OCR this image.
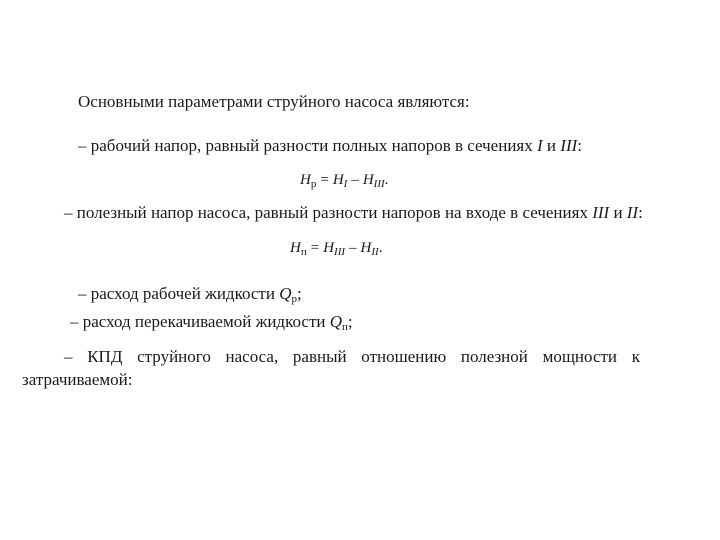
Основными параметрами струйного насоса являются:
– рабочий напор, равный разности полных напоров в сечениях I и III:
$H_р = H_I - H_{III}$.
– полезный напор насоса, равный разности напоров на входе в сечениях III и II:
$H_п = H_{III} - H_{II}$.
– расход рабочей жидкости $Q_р$;
– расход перекачиваемой жидкости $Q_п$;
– КПД струйного насоса, равный отношению полезной мощности к
затрачиваемой:
